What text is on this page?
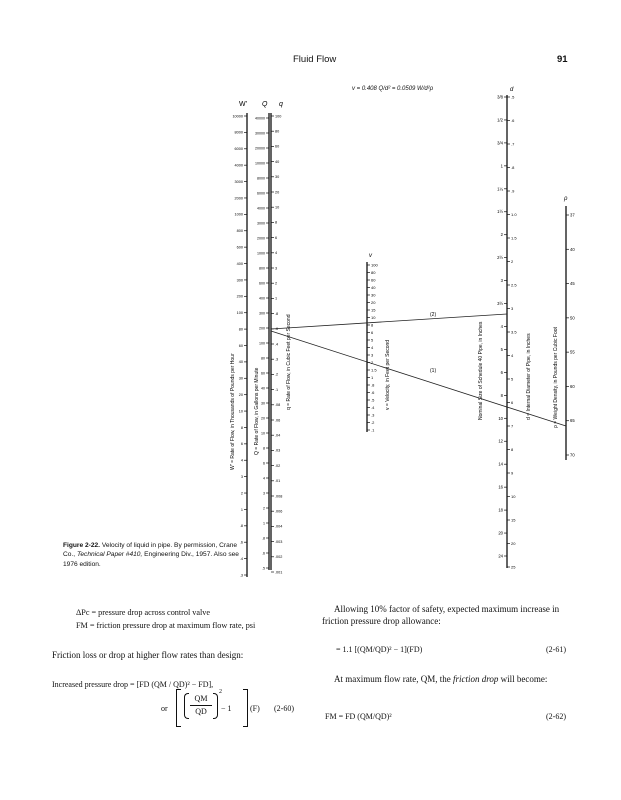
Fluid Flow	91
v = 0.408 Q/d² = 0.0509 W/d²ρ
W' Q q
v
d
ρ
10000
8000
6000
4000
3000
2000
1000
800
600
400
300
200
100
80
60
40
30
20
10
8
6
4
3
2
1
.8
.6
.4
.3
40000
30000
20000
10000
8000
6000
4000
3000
2000
1000
800
600
400
300
200
100
80
60
40
30
20
10
8
6
4
3
2
1
.8
.6
.5
100
80
60
40
30
20
10
8
6
4
3
2
1
.8
.6
.4
.3
.2
.1
.08
.06
.04
.03
.02
.01
.008
.006
.004
.003
.002
.001
100
80
60
40
30
20
15
10
8
6
5
4
3
2
1.5
1
.8
.6
.5
.4
.3
.2
.1
3/8
1/2
3/4
1
1¼
1½
2
2½
3
3½
4
5
6
8
10
12
14
16
18
20
24
.5
.6
.7
.8
.9
1.0
1.5
2
2.5
3
3.5
4
5
6
7
8
9
10
15
20
25
37
40
45
50
55
60
65
70
W' = Rate of Flow, in Thousands of Pounds per Hour	Q = Rate of Flow, in Gallons per Minute
q = Rate of Flow, in Cubic Feet per Second	v = Velocity, in Feet per Second	Nominal Size of Schedule 40 Pipe, in Inches	d = Internal Diameter of Pipe, in Inches	ρ = Weight Density, in Pounds per Cubic Foot
(2)
(1)
Figure 2-22. Velocity of liquid in pipe. By permission, Crane Co., Technical Paper #410, Engineering Div., 1957. Also see 1976 edition.
ΔPc = pressure drop across control valve
FM = friction pressure drop at maximum flow rate, psi
Friction loss or drop at higher flow rates than design:
Increased pressure drop = [FD (QM / QD)² − FD],
or
QM
QD
2
− 1 (F) (2-60)
Allowing 10% factor of safety, expected maximum increase in friction pressure drop allowance:
= 1.1 [(QM/QD)² − 1](FD)	(2-61)
At maximum flow rate, QM, the friction drop will become:
FM = FD (QM/QD)²	(2-62)
